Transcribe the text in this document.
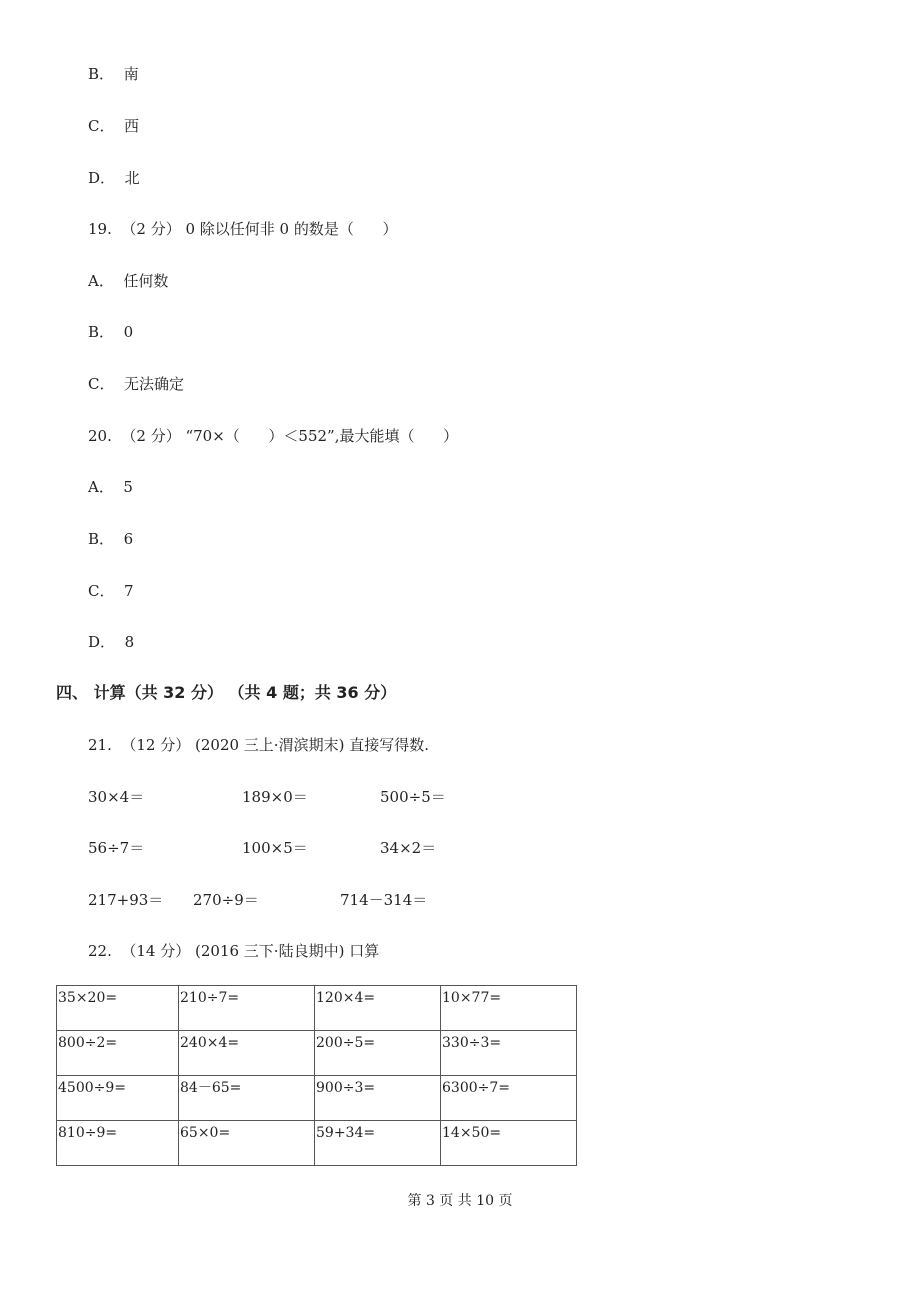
B． 南
C． 西
D． 北
19.  （2 分） 0 除以任何非 0 的数是（      ）
A． 任何数
B． 0
C． 无法确定
20.  （2 分） “70×（      ）＜552”,最大能填（      ）
A． 5
B． 6
C． 7
D． 8
四、 计算（共 32 分） （共 4 题；共 36 分）
21.  （12 分） (2020 三上·渭滨期末) 直接写得数.
30×4＝	189×0＝	500÷5＝
56÷7＝	100×5＝	34×2＝
217+93＝ 270÷9＝	714－314＝
22.  （14 分） (2016 三下·陆良期中) 口算
35×20=	210÷7=	120×4=	10×77=
800÷2=	240×4=	200÷5=	330÷3=
4500÷9=	84－65=	900÷3=	6300÷7=
810÷9=	65×0=	59+34=	14×50=
第 3 页 共 10 页
